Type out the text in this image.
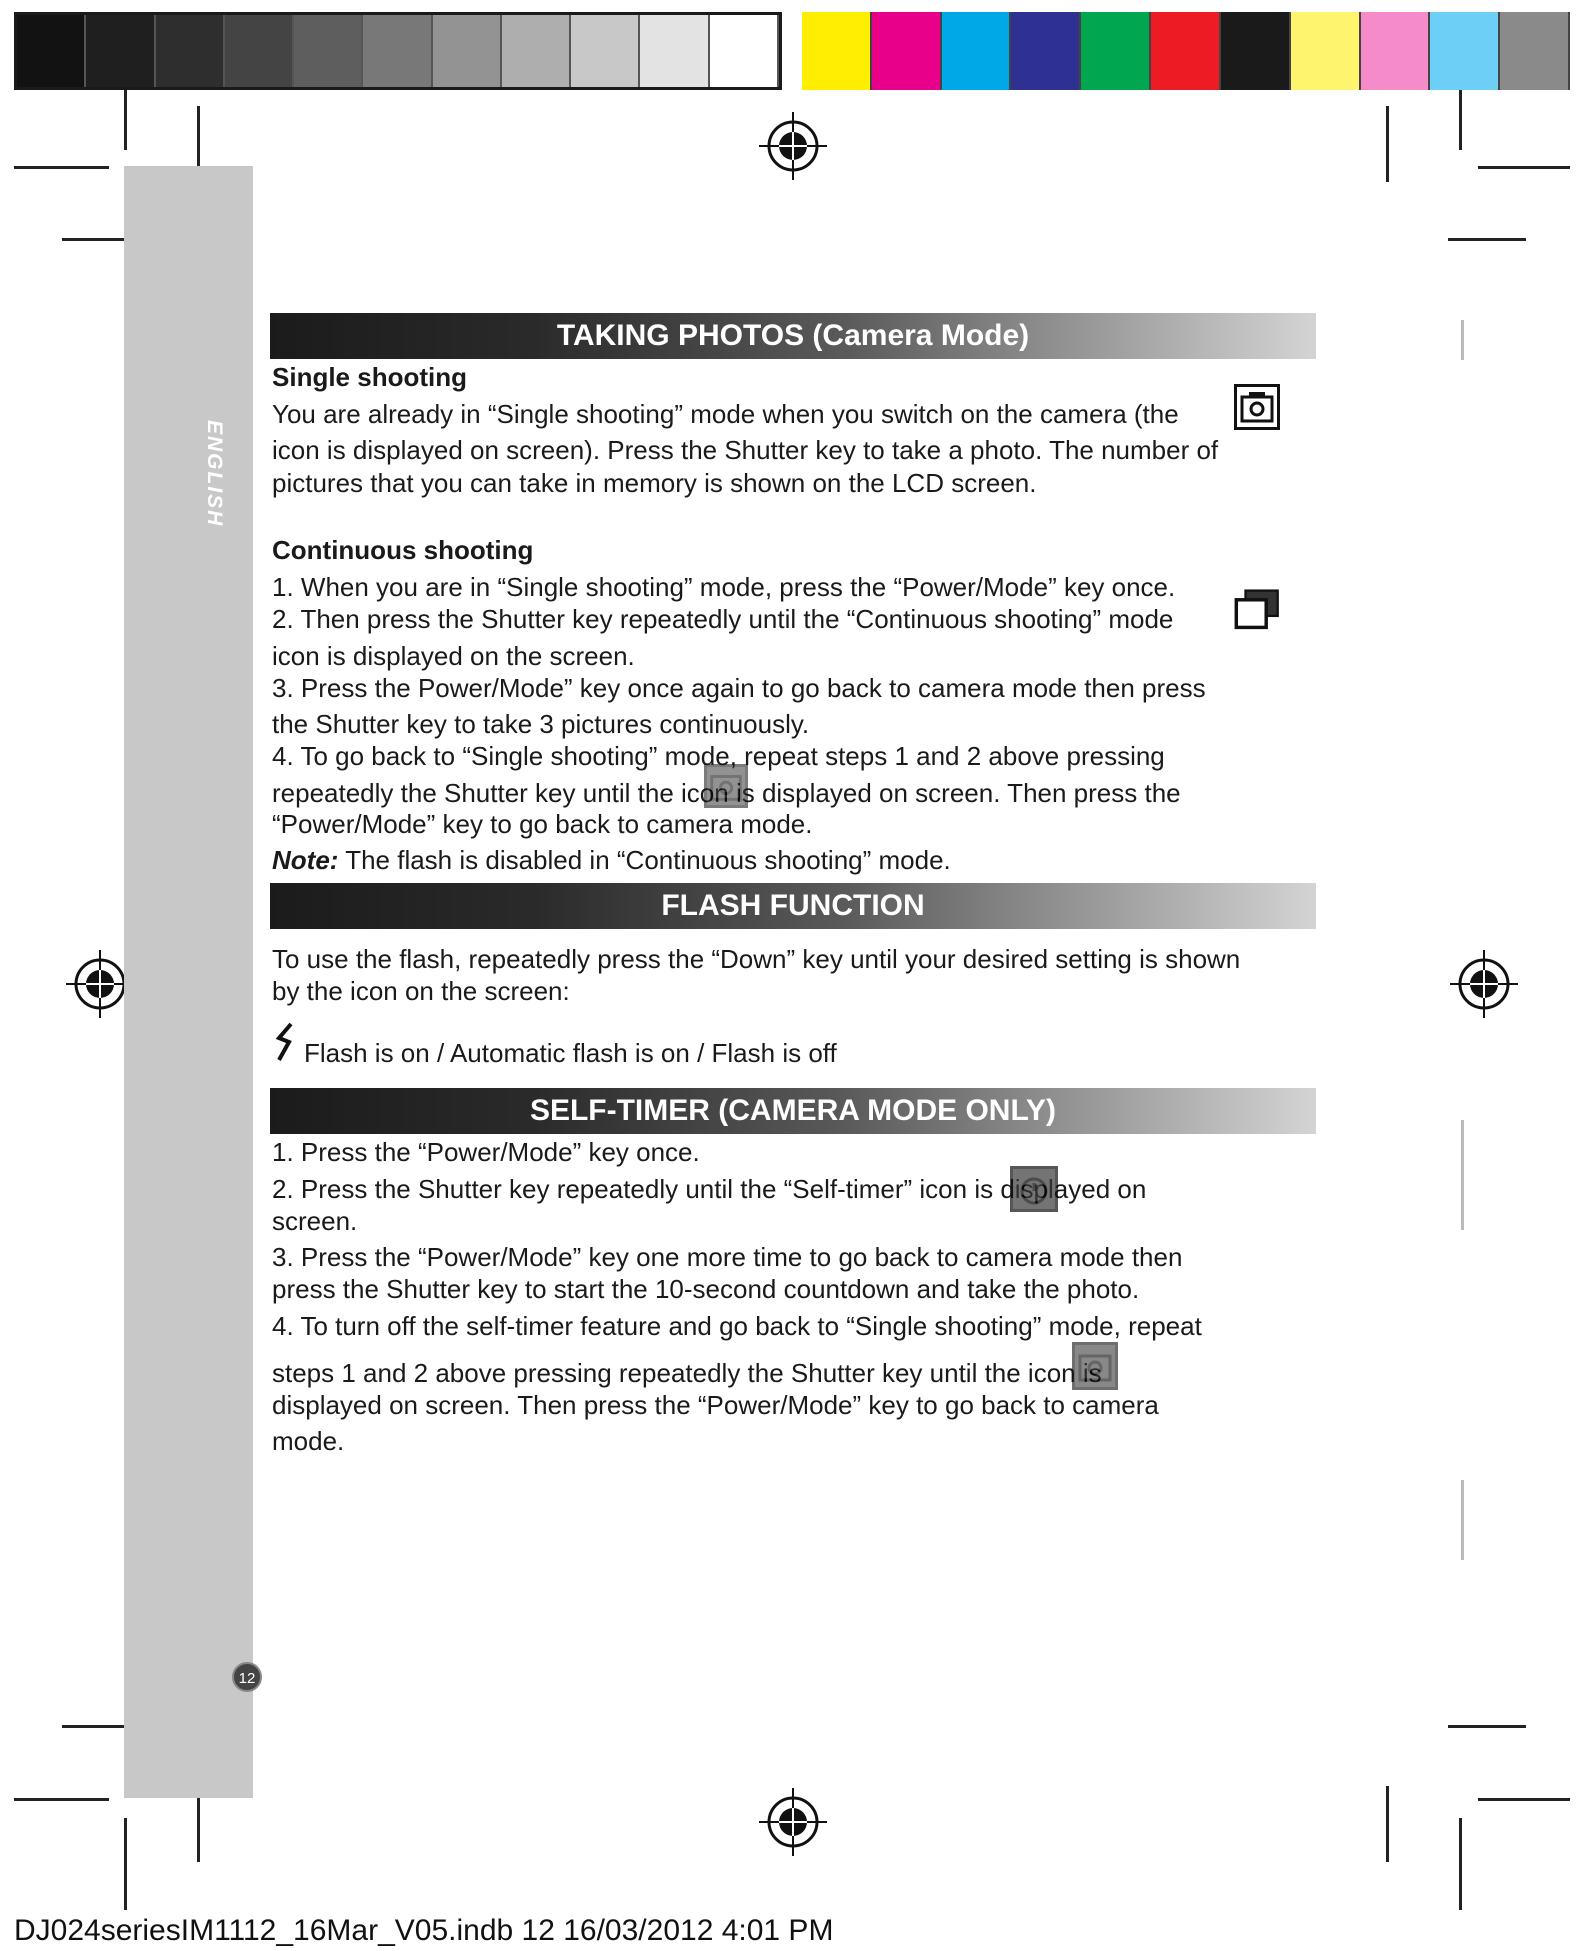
ENGLISH
12
TAKING PHOTOS (Camera Mode)
Single shooting
You are already in “Single shooting” mode when you switch on the camera (the
icon is displayed on screen). Press the Shutter key to take a photo. The number of
pictures that you can take in memory is shown on the LCD screen.
Continuous shooting
1. When you are in “Single shooting” mode, press the “Power/Mode” key once.
2. Then press the Shutter key repeatedly until the “Continuous shooting” mode
icon is displayed on the screen.
3. Press the Power/Mode” key once again to go back to camera mode then press
the Shutter key to take 3 pictures continuously.
4. To go back to “Single shooting” mode, repeat steps 1 and 2 above pressing
repeatedly the Shutter key until the icon is displayed on screen. Then press the
“Power/Mode” key to go back to camera mode.
Note: The flash is disabled in “Continuous shooting” mode.
FLASH FUNCTION
To use the flash, repeatedly press the “Down” key until your desired setting is shown
by the icon on the screen:
Flash is on / Automatic flash is on / Flash is off
SELF-TIMER (CAMERA MODE ONLY)
1. Press the “Power/Mode” key once.
2. Press the Shutter key repeatedly until the “Self-timer” icon is displayed on
screen.
3. Press the “Power/Mode” key one more time to go back to camera mode then
press the Shutter key to start the 10-second countdown and take the photo.
4. To turn off the self-timer feature and go back to “Single shooting” mode, repeat
steps 1 and 2 above pressing repeatedly the Shutter key until the icon is
displayed on screen. Then press the “Power/Mode” key to go back to camera
mode.
DJ024seriesIM1112_16Mar_V05.indb 12 16/03/2012 4:01 PM
